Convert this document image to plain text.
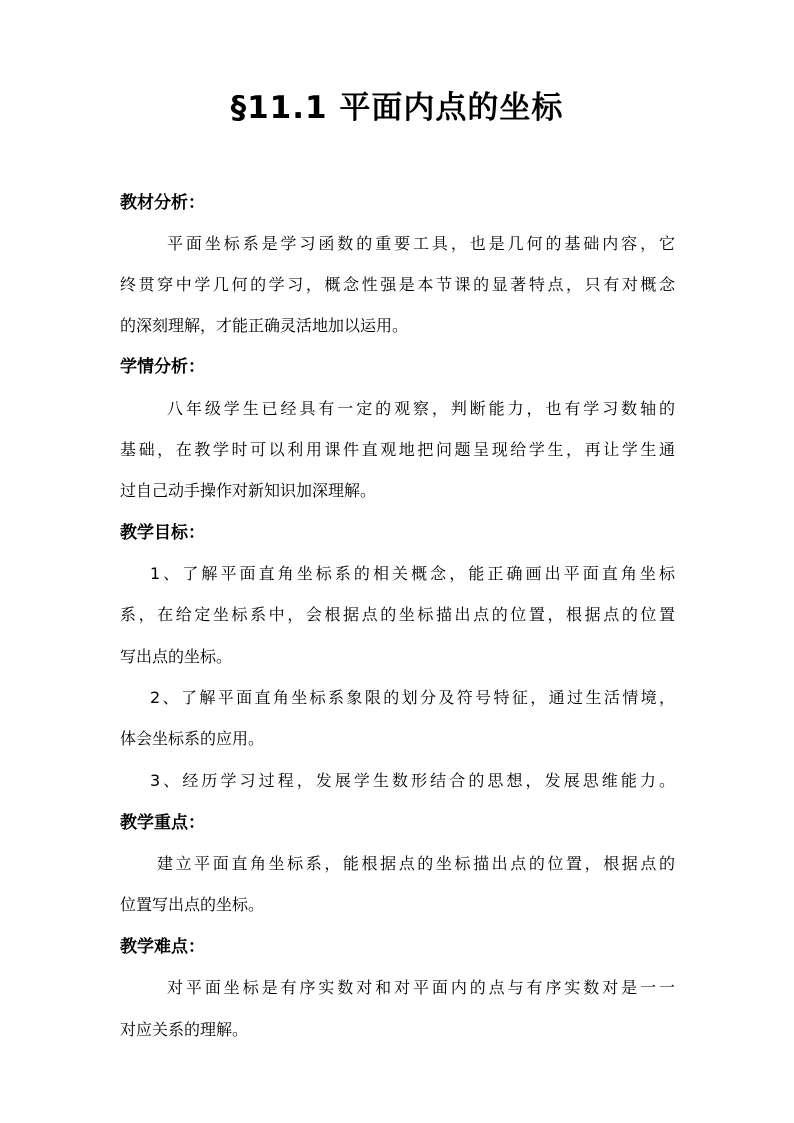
§11.1 平面内点的坐标
教材分析：
平面坐标系是学习函数的重要工具，也是几何的基础内容，它
终贯穿中学几何的学习，概念性强是本节课的显著特点，只有对概念
的深刻理解，才能正确灵活地加以运用。
学情分析：
八年级学生已经具有一定的观察，判断能力，也有学习数轴的
基础，在教学时可以利用课件直观地把问题呈现给学生，再让学生通
过自己动手操作对新知识加深理解。
教学目标：
1、了解平面直角坐标系的相关概念，能正确画出平面直角坐标
系，在给定坐标系中，会根据点的坐标描出点的位置，根据点的位置
写出点的坐标。
2、了解平面直角坐标系象限的划分及符号特征，通过生活情境，
体会坐标系的应用。
3、经历学习过程，发展学生数形结合的思想，发展思维能力。
教学重点：
建立平面直角坐标系，能根据点的坐标描出点的位置，根据点的
位置写出点的坐标。
教学难点：
对平面坐标是有序实数对和对平面内的点与有序实数对是一一
对应关系的理解。
